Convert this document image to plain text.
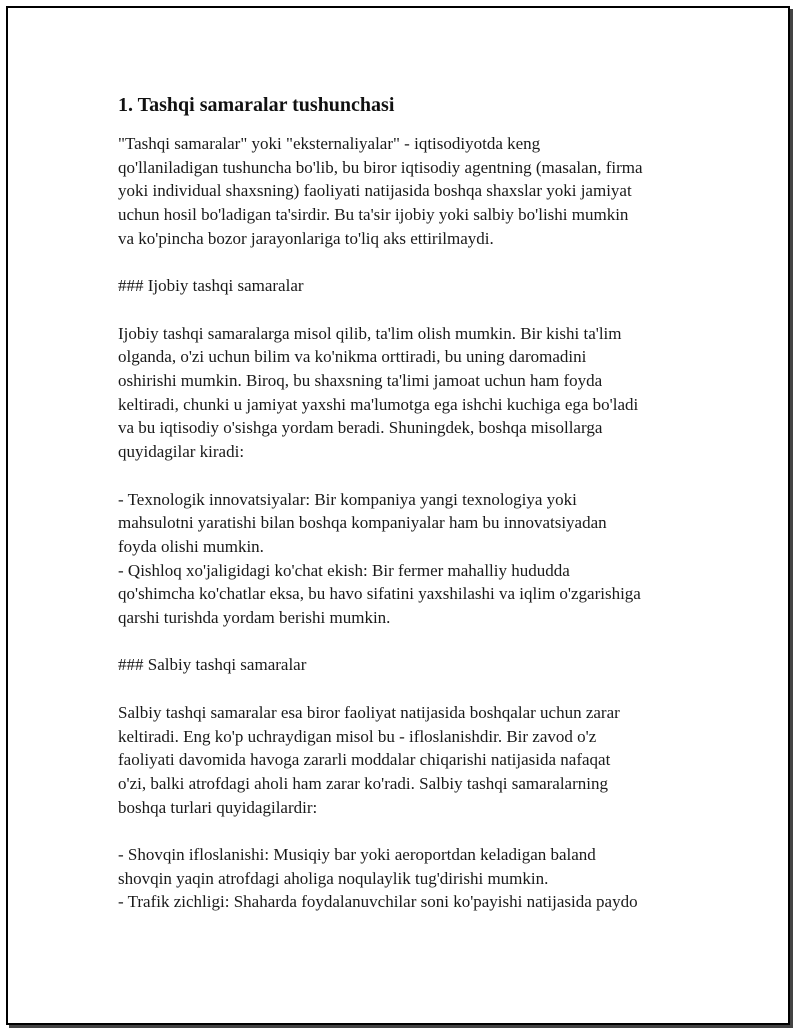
1. Tashqi samaralar tushunchasi

"Tashqi samaralar" yoki "eksternaliyalar" - iqtisodiyotda keng
qo'llaniladigan tushuncha bo'lib, bu biror iqtisodiy agentning (masalan, firma
yoki individual shaxsning) faoliyati natijasida boshqa shaxslar yoki jamiyat
uchun hosil bo'ladigan ta'sirdir. Bu ta'sir ijobiy yoki salbiy bo'lishi mumkin
va ko'pincha bozor jarayonlariga to'liq aks ettirilmaydi.

### Ijobiy tashqi samaralar

Ijobiy tashqi samaralarga misol qilib, ta'lim olish mumkin. Bir kishi ta'lim
olganda, o'zi uchun bilim va ko'nikma orttiradi, bu uning daromadini
oshirishi mumkin. Biroq, bu shaxsning ta'limi jamoat uchun ham foyda
keltiradi, chunki u jamiyat yaxshi ma'lumotga ega ishchi kuchiga ega bo'ladi
va bu iqtisodiy o'sishga yordam beradi. Shuningdek, boshqa misollarga
quyidagilar kiradi:

- Texnologik innovatsiyalar: Bir kompaniya yangi texnologiya yoki
mahsulotni yaratishi bilan boshqa kompaniyalar ham bu innovatsiyadan
foyda olishi mumkin.

- Qishloq xo'jaligidagi ko'chat ekish: Bir fermer mahalliy hududda
qo'shimcha ko'chatlar eksa, bu havo sifatini yaxshilashi va iqlim o'zgarishiga
qarshi turishda yordam berishi mumkin.

### Salbiy tashqi samaralar

Salbiy tashqi samaralar esa biror faoliyat natijasida boshqalar uchun zarar
keltiradi. Eng ko'p uchraydigan misol bu - ifloslanishdir. Bir zavod o'z
faoliyati davomida havoga zararli moddalar chiqarishi natijasida nafaqat
o'zi, balki atrofdagi aholi ham zarar ko'radi. Salbiy tashqi samaralarning
boshqa turlari quyidagilardir:

- Shovqin ifloslanishi: Musiqiy bar yoki aeroportdan keladigan baland
shovqin yaqin atrofdagi aholiga noqulaylik tug'dirishi mumkin.

- Trafik zichligi: Shaharda foydalanuvchilar soni ko'payishi natijasida paydo
